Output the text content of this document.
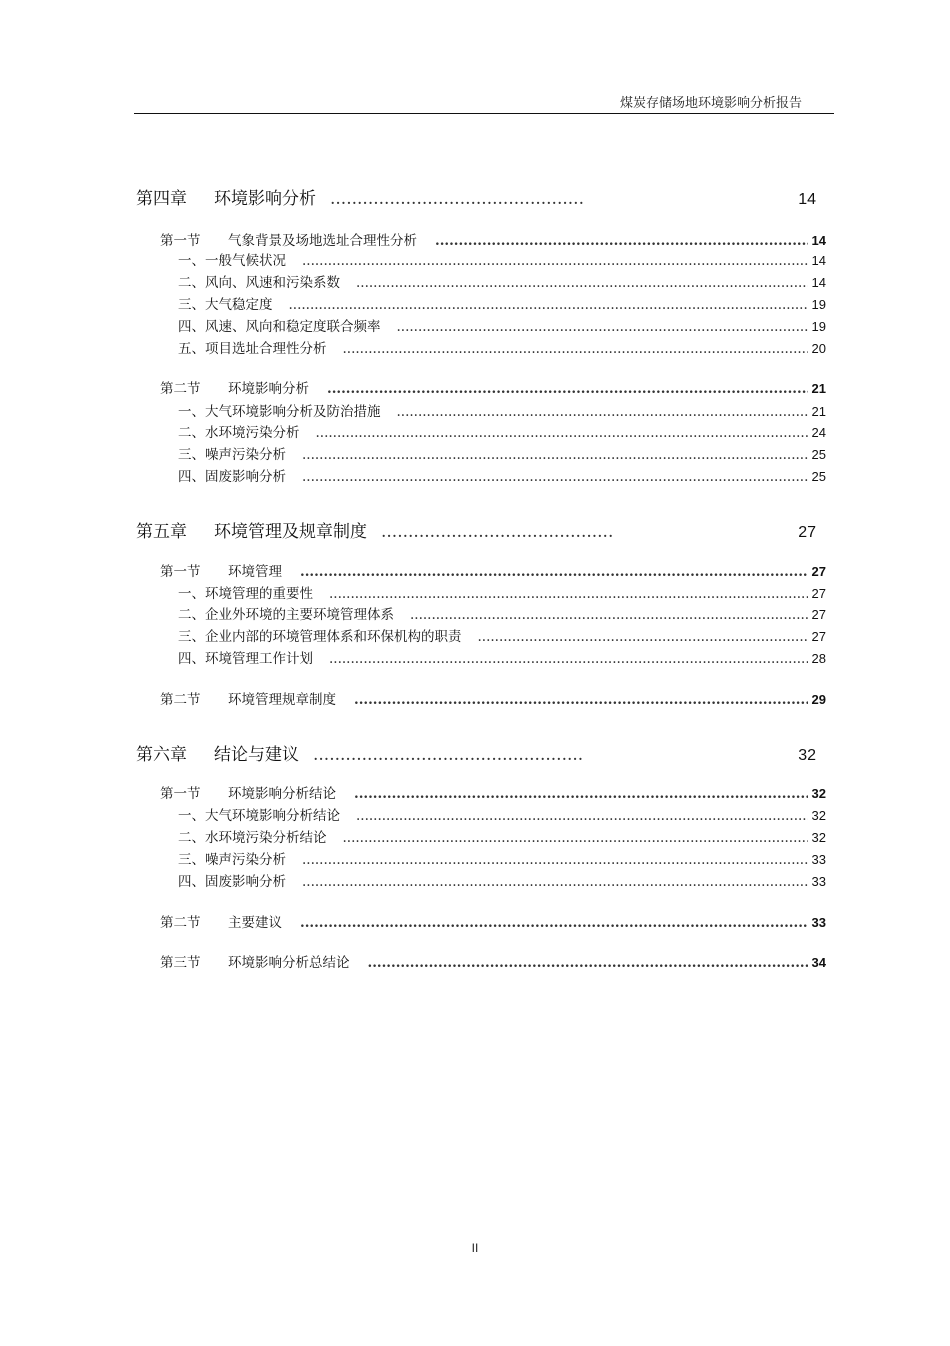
煤炭存储场地环境影响分析报告
第四章	环境影响分析 ...............................................	14
第一节	气象背景及场地选址合理性分析 .....	14
一、一般气候状况 .....	14
二、风向、风速和污染系数 .....	14
三、大气稳定度 .....	19
四、风速、风向和稳定度联合频率 .....	19
五、项目选址合理性分析 .....	20
第二节	环境影响分析 .....	21
一、大气环境影响分析及防治措施 .....	21
二、水环境污染分析 .....	24
三、噪声污染分析 .....	25
四、固废影响分析 .....	25
第五章	环境管理及规章制度 ...........................................	27
第一节	环境管理 .....	27
一、环境管理的重要性 .....	27
二、企业外环境的主要环境管理体系 .....	27
三、企业内部的环境管理体系和环保机构的职责 .....	27
四、环境管理工作计划 .....	28
第二节	环境管理规章制度 .....	29
第六章	结论与建议 ..................................................	32
第一节	环境影响分析结论 .....	32
一、大气环境影响分析结论 .....	32
二、水环境污染分析结论 .....	32
三、噪声污染分析 .....	33
四、固废影响分析 .....	33
第二节	主要建议 .....	33
第三节	环境影响分析总结论 .....	34
II
